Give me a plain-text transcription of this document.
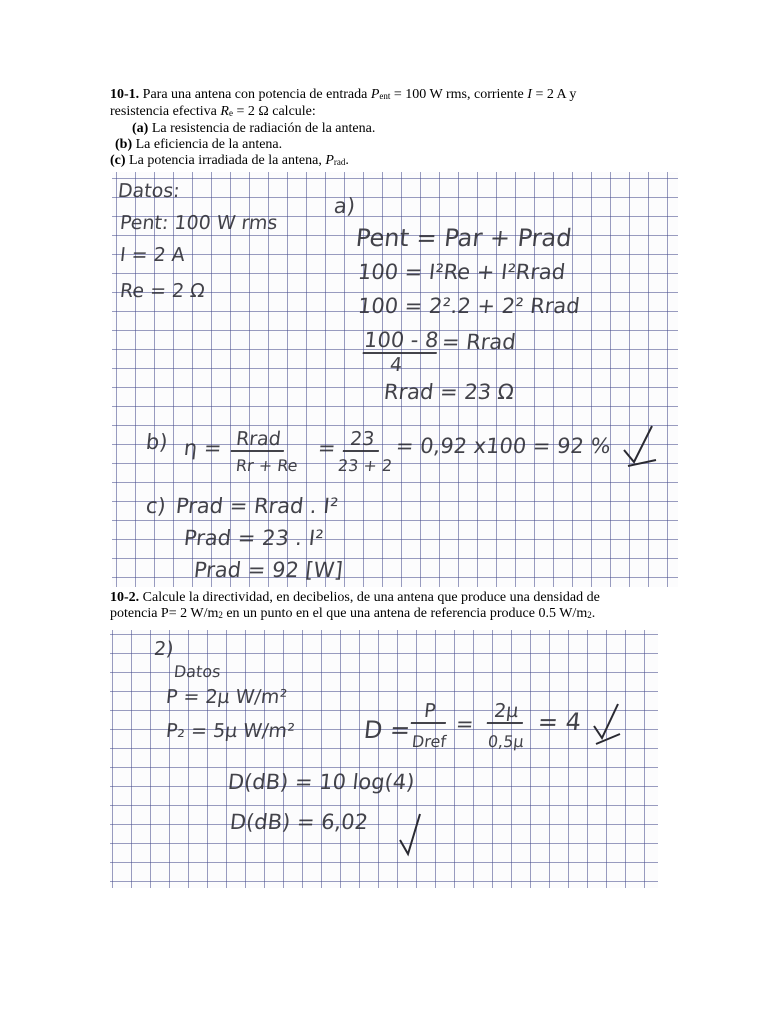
10-1. Para una antena con potencia de entrada Pent = 100 W rms, corriente I = 2 A y
resistencia efectiva Re = 2 Ω calcule:
(a) La resistencia de radiación de la antena.
(b) La eficiencia de la antena.
(c) La potencia irradiada de la antena, Prad.
Datos:
Pent: 100 W rms
I = 2 A
Re = 2 Ω
a)
Pent = Par + Prad
100 = I²Re + I²Rrad
100 = 2².2 + 2² Rrad
100 - 8 = Rrad
4
Rrad = 23 Ω
b) η = Rrad
Rr + Re
= 23
23 + 2
= 0,92 x100 = 92 %
c) Prad = Rrad . I²
Prad = 23 . I²
Prad = 92 [W]
10-2. Calcule la directividad, en decibelios, de una antena que produce una densidad de
potencia P= 2 W/m2 en un punto en el que una antena de referencia produce 0.5 W/m2.
2)
Datos
P = 2μ W/m²
P₂ = 5μ W/m²	D =
P
Dref
=
2μ
0,5μ
= 4
D(dB) = 10 log(4)
D(dB) = 6,02
